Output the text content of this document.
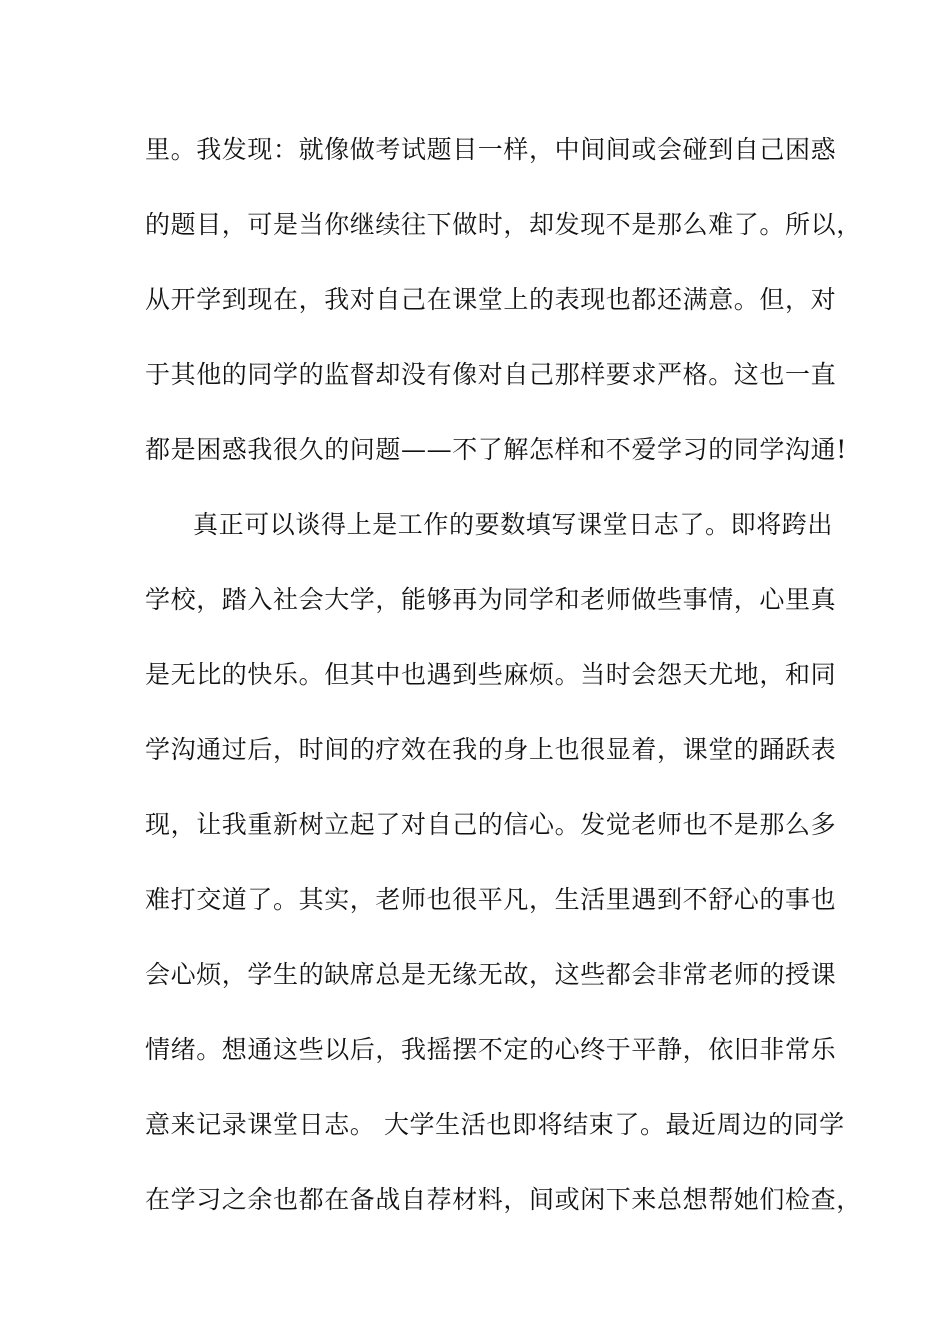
里。我发现：就像做考试题目一样，中间间或会碰到自己困惑
的题目，可是当你继续往下做时，却发现不是那么难了。所以，
从开学到现在，我对自己在课堂上的表现也都还满意。但，对
于其他的同学的监督却没有像对自己那样要求严格。这也一直
都是困惑我很久的问题——不了解怎样和不爱学习的同学沟通!
真正可以谈得上是工作的要数填写课堂日志了。即将跨出
学校，踏入社会大学，能够再为同学和老师做些事情，心里真
是无比的快乐。但其中也遇到些麻烦。当时会怨天尤地，和同
学沟通过后，时间的疗效在我的身上也很显着，课堂的踊跃表
现，让我重新树立起了对自己的信心。发觉老师也不是那么多
难打交道了。其实，老师也很平凡，生活里遇到不舒心的事也
会心烦，学生的缺席总是无缘无故，这些都会非常老师的授课
情绪。想通这些以后，我摇摆不定的心终于平静，依旧非常乐
意来记录课堂日志。 大学生活也即将结束了。最近周边的同学
在学习之余也都在备战自荐材料，间或闲下来总想帮她们检查，
